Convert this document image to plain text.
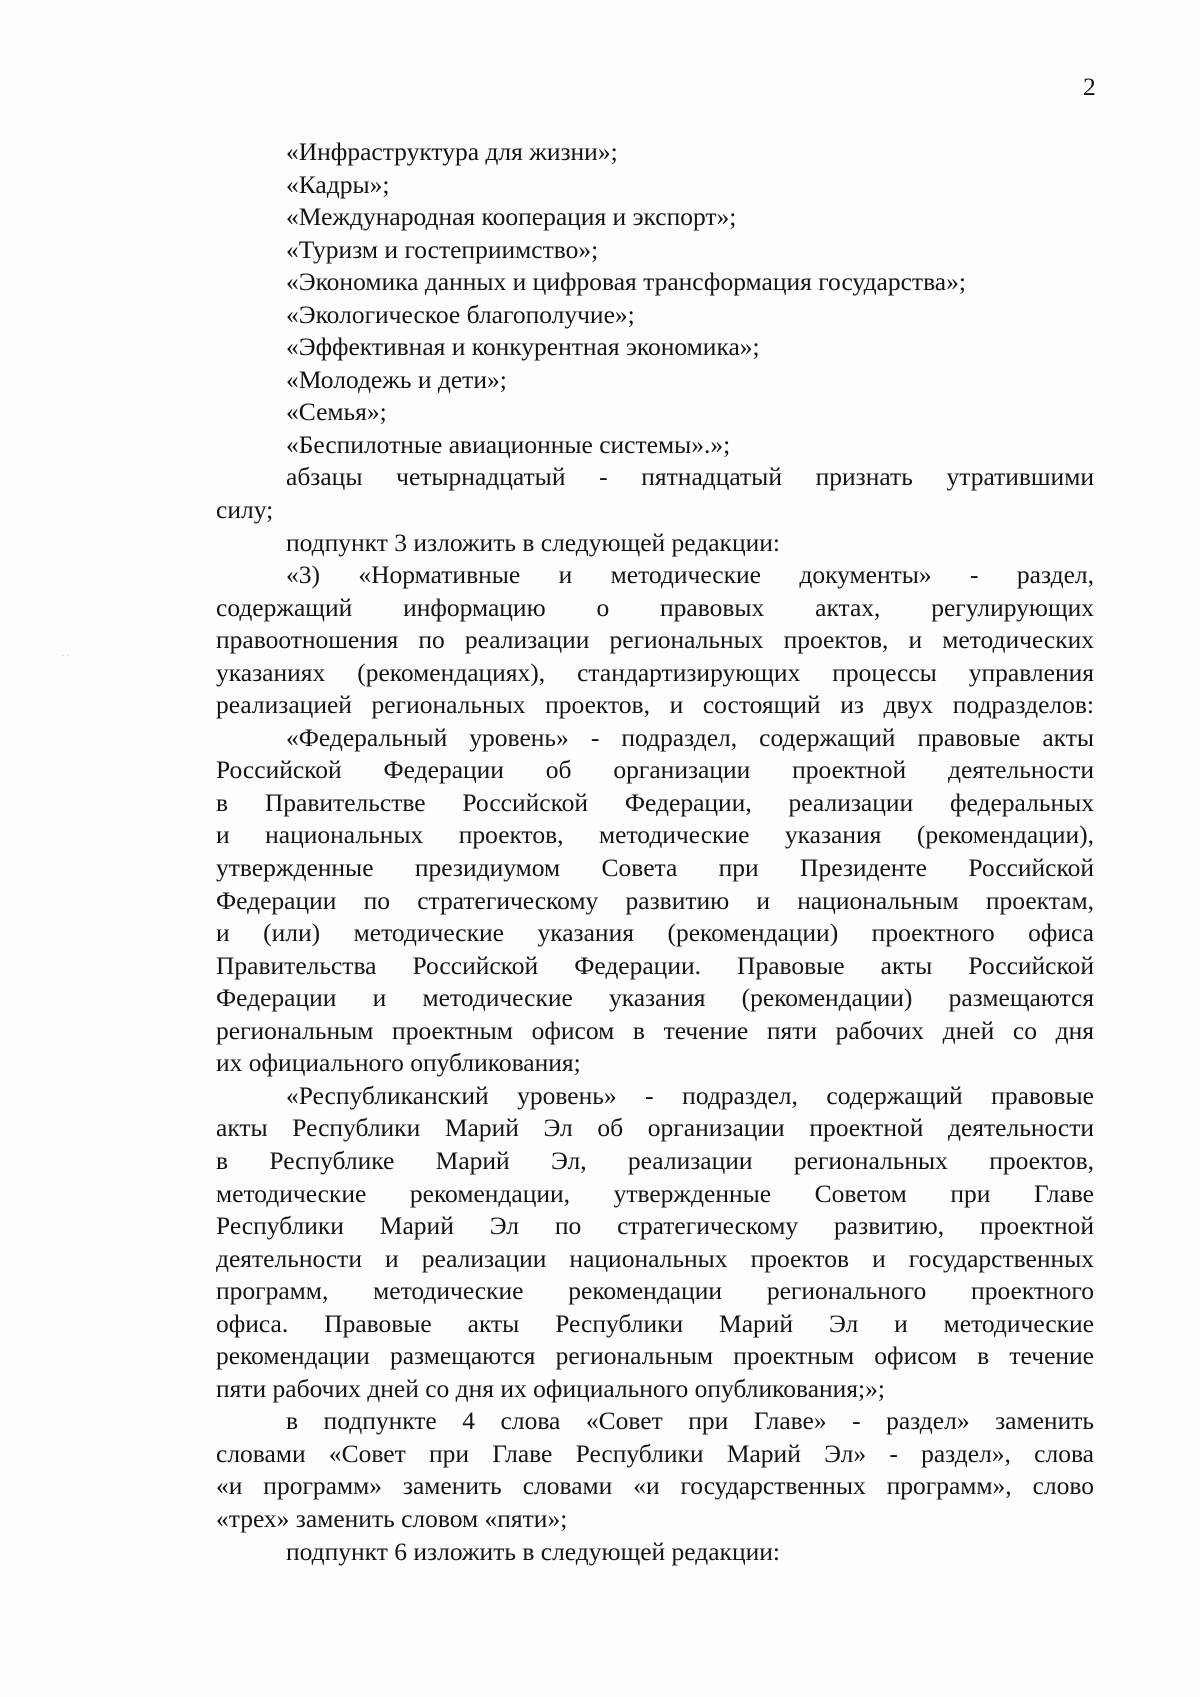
2
· ·
«Инфраструктура для жизни»;
«Кадры»;
«Международная кооперация и экспорт»;
«Туризм и гостеприимство»;
«Экономика данных и цифровая трансформация государства»;
«Экологическое благополучие»;
«Эффективная и конкурентная экономика»;
«Молодежь и дети»;
«Семья»;
«Беспилотные авиационные системы».»;
абзацы четырнадцатый - пятнадцатый признать утратившими
силу;
подпункт 3 изложить в следующей редакции:
«3) «Нормативные и методические документы» - раздел,
содержащий информацию о правовых актах, регулирующих
правоотношения по реализации региональных проектов, и методических
указаниях (рекомендациях), стандартизирующих процессы управления
реализацией региональных проектов, и состоящий из двух подразделов:
«Федеральный уровень» - подраздел, содержащий правовые акты
Российской Федерации об организации проектной деятельности
в Правительстве Российской Федерации, реализации федеральных
и национальных проектов, методические указания (рекомендации),
утвержденные президиумом Совета при Президенте Российской
Федерации по стратегическому развитию и национальным проектам,
и (или) методические указания (рекомендации) проектного офиса
Правительства Российской Федерации. Правовые акты Российской
Федерации и методические указания (рекомендации) размещаются
региональным проектным офисом в течение пяти рабочих дней со дня
их официального опубликования;
«Республиканский уровень» - подраздел, содержащий правовые
акты Республики Марий Эл об организации проектной деятельности
в Республике Марий Эл, реализации региональных проектов,
методические рекомендации, утвержденные Советом при Главе
Республики Марий Эл по стратегическому развитию, проектной
деятельности и реализации национальных проектов и государственных
программ, методические рекомендации регионального проектного
офиса. Правовые акты Республики Марий Эл и методические
рекомендации размещаются региональным проектным офисом в течение
пяти рабочих дней со дня их официального опубликования;»;
в подпункте 4 слова «Совет при Главе» - раздел» заменить
словами «Совет при Главе Республики Марий Эл» - раздел», слова
«и программ» заменить словами «и государственных программ», слово
«трех» заменить словом «пяти»;
подпункт 6 изложить в следующей редакции:
